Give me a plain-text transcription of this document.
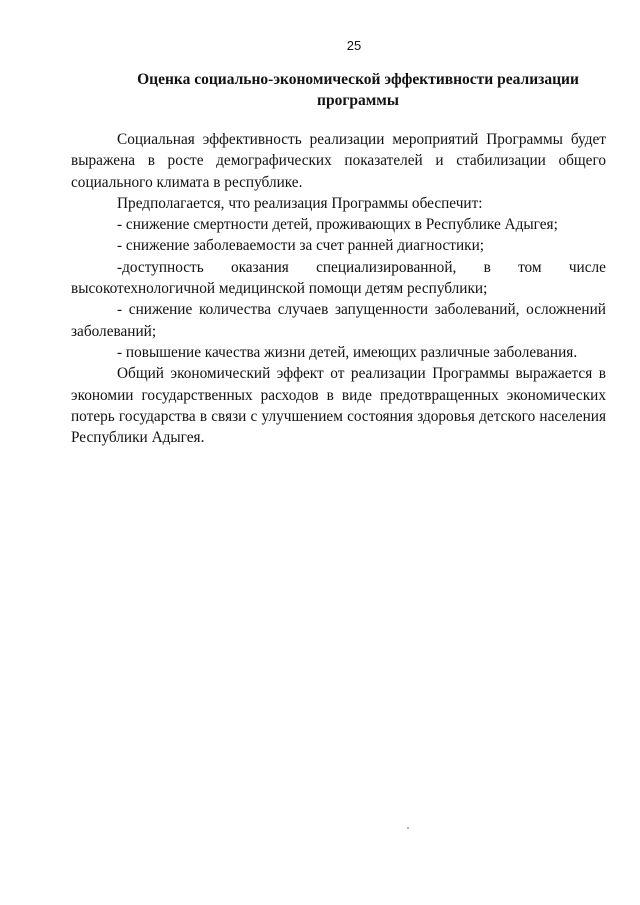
25
Оценка социально-экономической эффективности реализации
программы

Социальная эффективность реализации мероприятий Программы будет выражена в росте демографических показателей и стабилизации общего социального климата в республике.

Предполагается, что реализация Программы обеспечит:

- снижение смертности детей, проживающих в Республике Адыгея;

- снижение заболеваемости за счет ранней диагностики;

-доступность оказания специализированной, в том числе

высокотехнологичной медицинской помощи детям республики;

- снижение количества случаев запущенности заболеваний, осложнений заболеваний;

- повышение качества жизни детей, имеющих различные заболевания.

Общий экономический эффект от реализации Программы выражается в экономии государственных расходов в виде предотвращенных экономических потерь государства в связи с улучшением состояния здоровья детского населения Республики Адыгея.
